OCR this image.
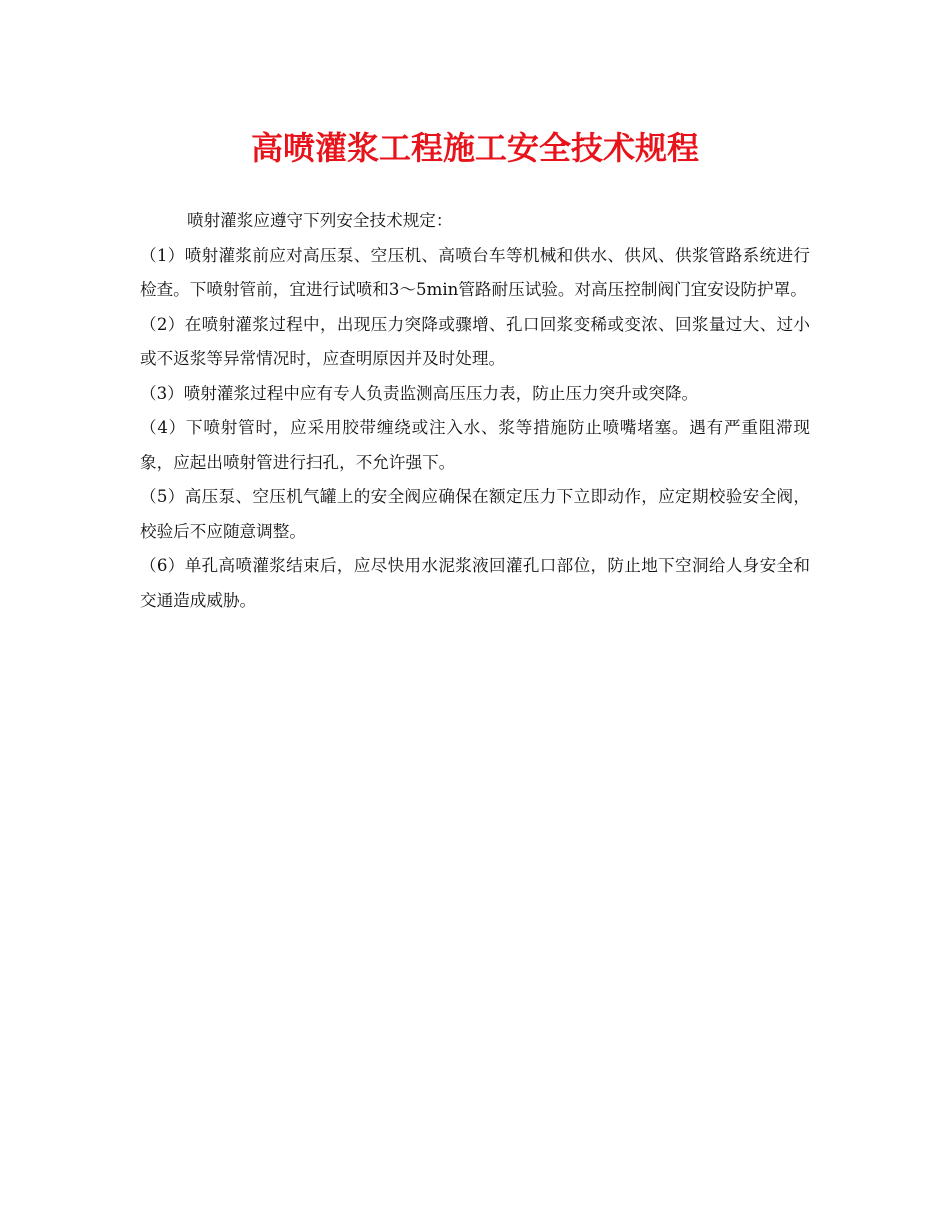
高喷灌浆工程施工安全技术规程

喷射灌浆应遵守下列安全技术规定：

（1）喷射灌浆前应对高压泵、空压机、高喷台车等机械和供水、供风、供浆管路系统进行检查。下喷射管前，宜进行试喷和3～5min管路耐压试验。对高压控制阀门宜安设防护罩。

（2）在喷射灌浆过程中，出现压力突降或骤增、孔口回浆变稀或变浓、回浆量过大、过小或不返浆等异常情况时，应查明原因并及时处理。

（3）喷射灌浆过程中应有专人负责监测高压压力表，防止压力突升或突降。

（4）下喷射管时，应采用胶带缠绕或注入水、浆等措施防止喷嘴堵塞。遇有严重阻滞现象，应起出喷射管进行扫孔，不允许强下。

（5）高压泵、空压机气罐上的安全阀应确保在额定压力下立即动作，应定期校验安全阀，校验后不应随意调整。

（6）单孔高喷灌浆结束后，应尽快用水泥浆液回灌孔口部位，防止地下空洞给人身安全和交通造成威胁。
